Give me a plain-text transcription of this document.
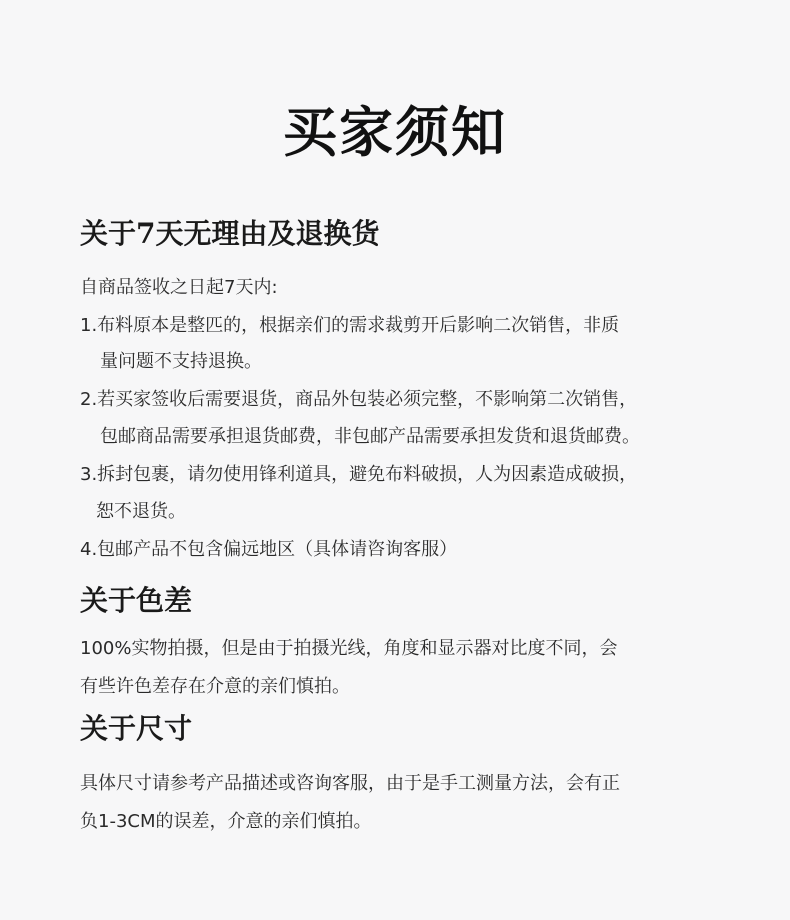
买家须知
关于7天无理由及退换货
自商品签收之日起7天内:
1.布料原本是整匹的，根据亲们的需求裁剪开后影响二次销售，非质
量问题不支持退换。
2.若买家签收后需要退货，商品外包装必须完整，不影响第二次销售，
包邮商品需要承担退货邮费，非包邮产品需要承担发货和退货邮费。
3.拆封包裹，请勿使用锋利道具，避免布料破损，人为因素造成破损，
恕不退货。
4.包邮产品不包含偏远地区（具体请咨询客服）
关于色差
100%实物拍摄，但是由于拍摄光线，角度和显示器对比度不同，会
有些许色差存在介意的亲们慎拍。
关于尺寸
具体尺寸请参考产品描述或咨询客服，由于是手工测量方法，会有正
负1-3CM的误差，介意的亲们慎拍。
